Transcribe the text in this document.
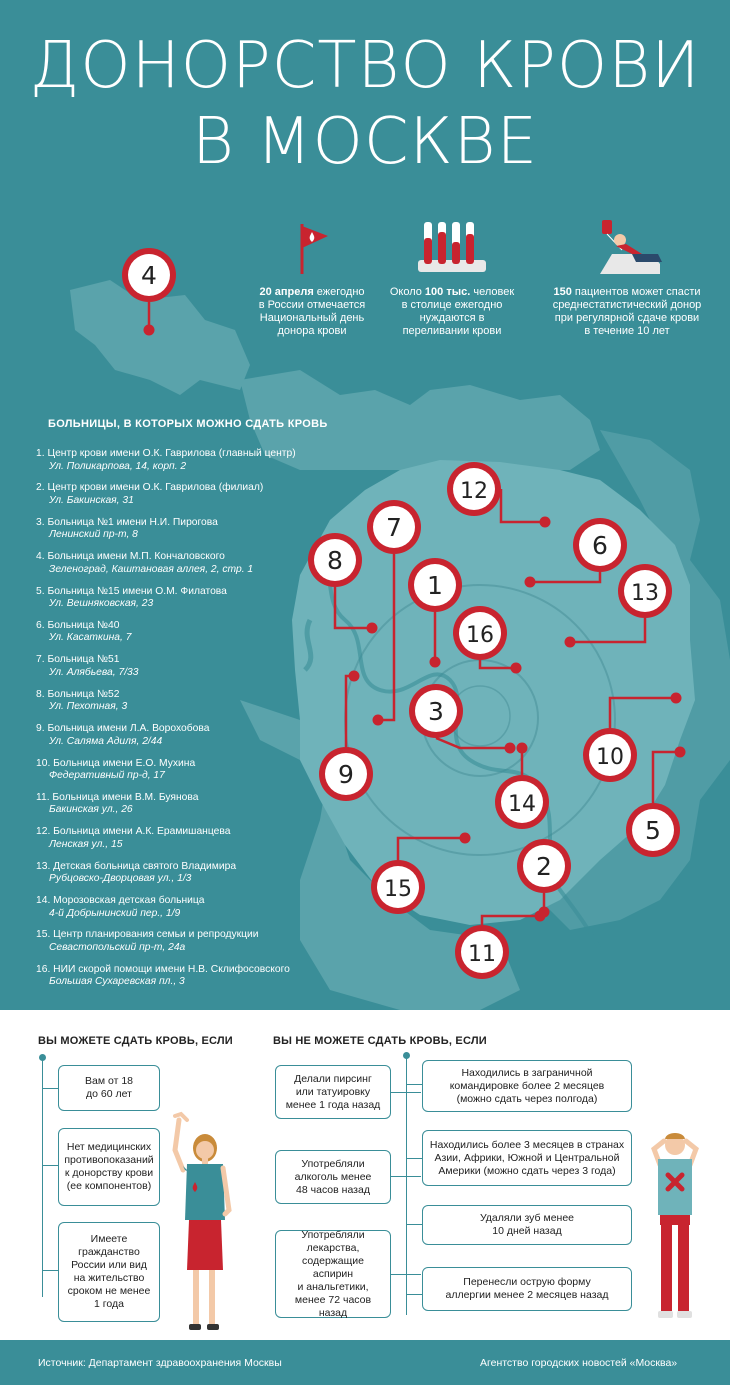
ДОНОРСТВО КРОВИ
В МОСКВЕ
20 апреля ежегодно
в России отмечается
Национальный день
донора крови
Около 100 тыс. человек
в столице ежегодно
нуждаются в
переливании крови
150 пациентов может спасти
среднестатистический донор
при регулярной сдаче крови
в течение 10 лет
БОЛЬНИЦЫ, В КОТОРЫХ МОЖНО СДАТЬ КРОВЬ
1. Центр крови имени О.К. Гаврилова (главный центр)
Ул. Поликарпова, 14, корп. 2
2. Центр крови имени О.К. Гаврилова (филиал)
Ул. Бакинская, 31
3. Больница №1 имени Н.И. Пирогова
Ленинский пр-т, 8
4. Больница имени М.П. Кончаловского
Зеленоград, Каштановая аллея, 2, стр. 1
5. Больница №15 имени О.М. Филатова
Ул. Вешняковская, 23
6. Больница №40
Ул. Касаткина, 7
7. Больница №51
Ул. Алябьева, 7/33
8. Больница №52
Ул. Пехотная, 3
9. Больница имени Л.А. Ворохобова
Ул. Саляма Адиля, 2/44
10. Больница имени Е.О. Мухина
Федеративный пр-д, 17
11. Больница имени В.М. Буянова
Бакинская ул., 26
12. Больница имени А.К. Ерамишанцева
Ленская ул., 15
13. Детская больница святого Владимира
Рубцовско-Дворцовая ул., 1/3
14. Морозовская детская больница
4-й Добрынинский пер., 1/9
15. Центр планирования семьи и репродукции
Севастопольский пр-т, 24а
16. НИИ скорой помощи имени Н.В. Склифосовского
Большая Сухаревская пл., 3
1
2
3
4
5
6
7
8
9
10
11
12
13
14
15
16
ВЫ МОЖЕТЕ СДАТЬ КРОВЬ, ЕСЛИ	ВЫ НЕ МОЖЕТЕ СДАТЬ КРОВЬ, ЕСЛИ
Вам от 18
до 60 лет
Нет медицинских
противопоказаний
к донорству крови
(ее компонентов)
Имеете
гражданство
России или вид
на жительство
сроком не менее
1 года
Делали пирсинг
или татуировку
менее 1 года назад
Употребляли
алкоголь менее
48 часов назад
Употребляли
лекарства,
содержащие аспирин
и анальгетики,
менее 72 часов назад
Находились в заграничной
командировке более 2 месяцев
(можно сдать через полгода)
Находились более 3 месяцев в странах
Азии, Африки, Южной и Центральной
Америки (можно сдать через 3 года)
Удаляли зуб менее
10 дней назад
Перенесли острую форму
аллергии менее 2 месяцев назад
Источник: Департамент здравоохранения Москвы	Агентство городских новостей «Москва»
